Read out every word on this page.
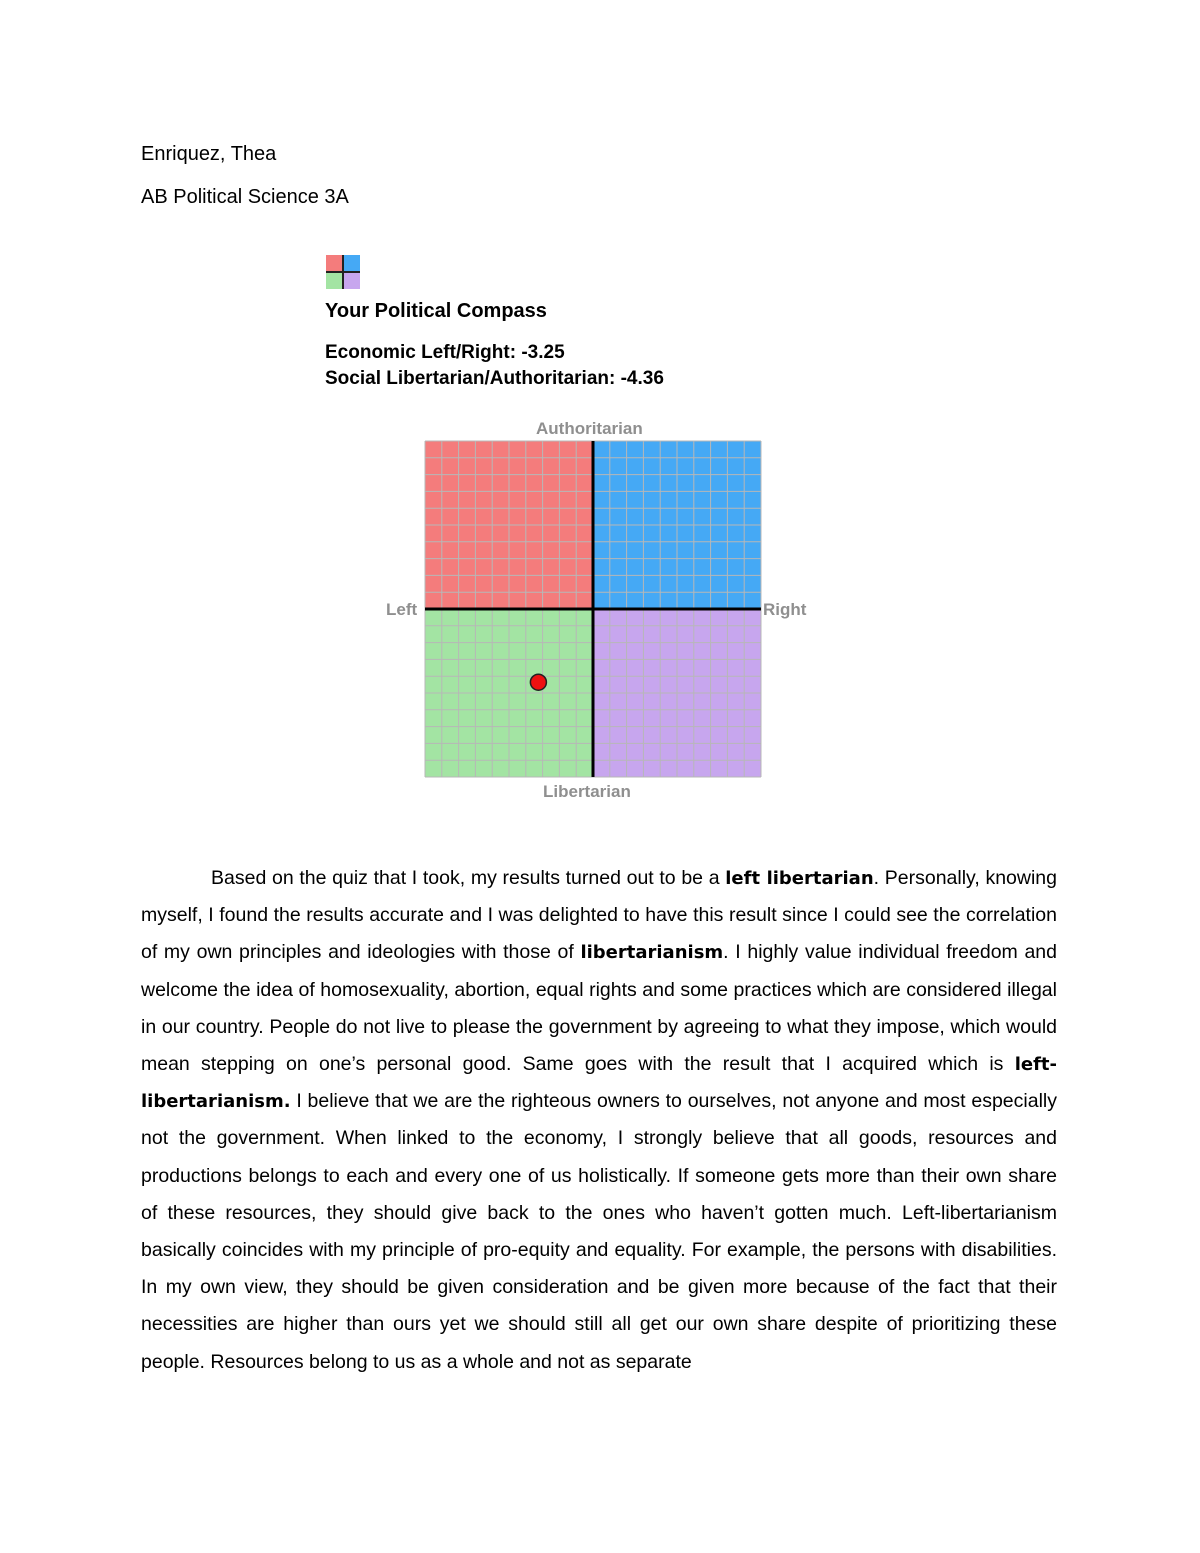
Enriquez, Thea
AB Political Science 3A
Your Political Compass
Economic Left/Right: -3.25
Social Libertarian/Authoritarian: -4.36
Authoritarian
Left	Right
Libertarian

Based on the quiz that I took, my results turned out to be a left libertarian. Personally, knowing myself, I found the results accurate and I was delighted to have this result since I could see the correlation of my own principles and ideologies with those of libertarianism. I highly value individual freedom and welcome the idea of homosexuality, abortion, equal rights and some practices which are considered illegal in our country. People do not live to please the government by agreeing to what they impose, which would mean stepping on one’s personal good. Same goes with the result that I acquired which is left-libertarianism. I believe that we are the righteous owners to ourselves, not anyone and most especially not the government. When linked to the economy, I strongly believe that all goods, resources and productions belongs to each and every one of us holistically. If someone gets more than their own share of these resources, they should give back to the ones who haven’t gotten much. Left-libertarianism basically coincides with my principle of pro-equity and equality. For example, the persons with disabilities. In my own view, they should be given consideration and be given more because of the fact that their necessities are higher than ours yet we should still all get our own share despite of prioritizing these people. Resources belong to us as a whole and not as separate
